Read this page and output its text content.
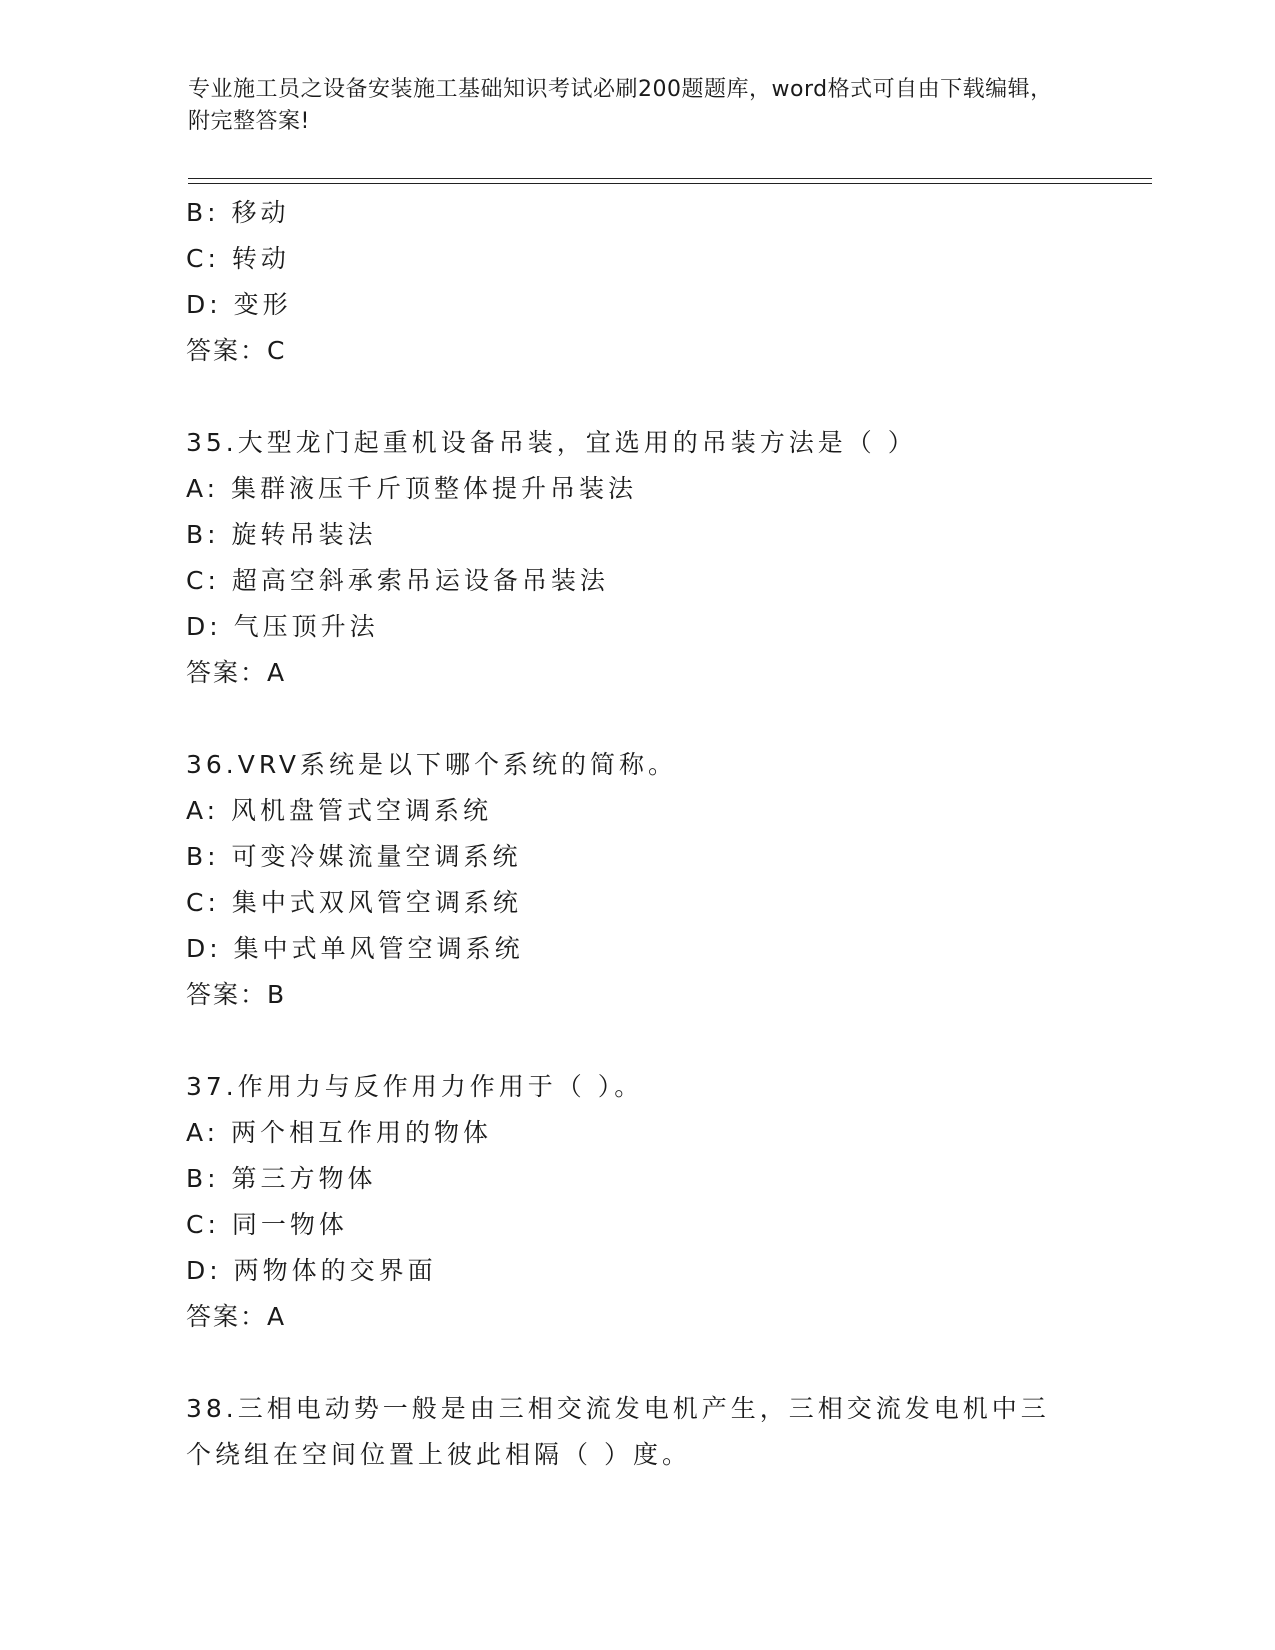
专业施工员之设备安装施工基础知识考试必刷200题题库，word格式可自由下载编辑，附完整答案!
B: 移动
C: 转动
D: 变形
答案：C
35.大型龙门起重机设备吊装，宜选用的吊装方法是（ ）
A: 集群液压千斤顶整体提升吊装法
B: 旋转吊装法
C: 超高空斜承索吊运设备吊装法
D: 气压顶升法
答案：A
36.VRV系统是以下哪个系统的简称。
A: 风机盘管式空调系统
B: 可变冷媒流量空调系统
C: 集中式双风管空调系统
D: 集中式单风管空调系统
答案：B
37.作用力与反作用力作用于（ ）。
A: 两个相互作用的物体
B: 第三方物体
C: 同一物体
D: 两物体的交界面
答案：A
38.三相电动势一般是由三相交流发电机产生，三相交流发电机中三个绕组在空间位置上彼此相隔（ ）度。
